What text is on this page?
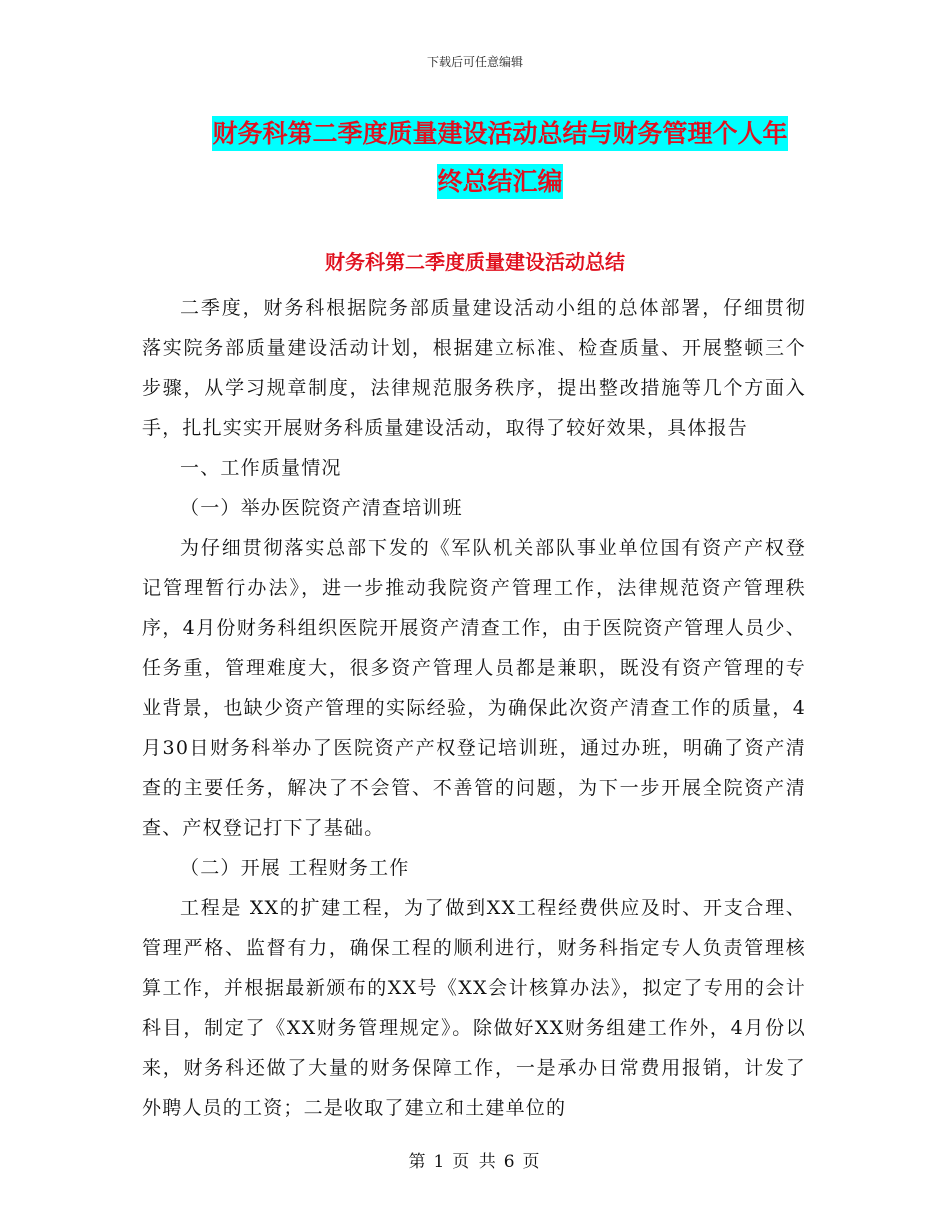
下载后可任意编辑
财务科第二季度质量建设活动总结与财务管理个人年
终总结汇编
财务科第二季度质量建设活动总结

二季度，财务科根据院务部质量建设活动小组的总体部署，仔细贯彻落实院务部质量建设活动计划，根据建立标准、检查质量、开展整顿三个步骤，从学习规章制度，法律规范服务秩序，提出整改措施等几个方面入手，扎扎实实开展财务科质量建设活动，取得了较好效果，具体报告

一、工作质量情况

（一）举办医院资产清查培训班

为仔细贯彻落实总部下发的《军队机关部队事业单位国有资产产权登记管理暂行办法》，进一步推动我院资产管理工作，法律规范资产管理秩序，4月份财务科组织医院开展资产清查工作，由于医院资产管理人员少、任务重，管理难度大，很多资产管理人员都是兼职，既没有资产管理的专业背景，也缺少资产管理的实际经验，为确保此次资产清查工作的质量，4月30日财务科举办了医院资产产权登记培训班，通过办班，明确了资产清查的主要任务，解决了不会管、不善管的问题，为下一步开展全院资产清查、产权登记打下了基础。

（二）开展 工程财务工作

工程是 XX的扩建工程，为了做到XX工程经费供应及时、开支合理、管理严格、监督有力，确保工程的顺利进行，财务科指定专人负责管理核算工作，并根据最新颁布的XX号《XX会计核算办法》，拟定了专用的会计科目，制定了《XX财务管理规定》。除做好XX财务组建工作外，4月份以来，财务科还做了大量的财务保障工作，一是承办日常费用报销，计发了外聘人员的工资；二是收取了建立和土建单位的

第 1 页 共 6 页
